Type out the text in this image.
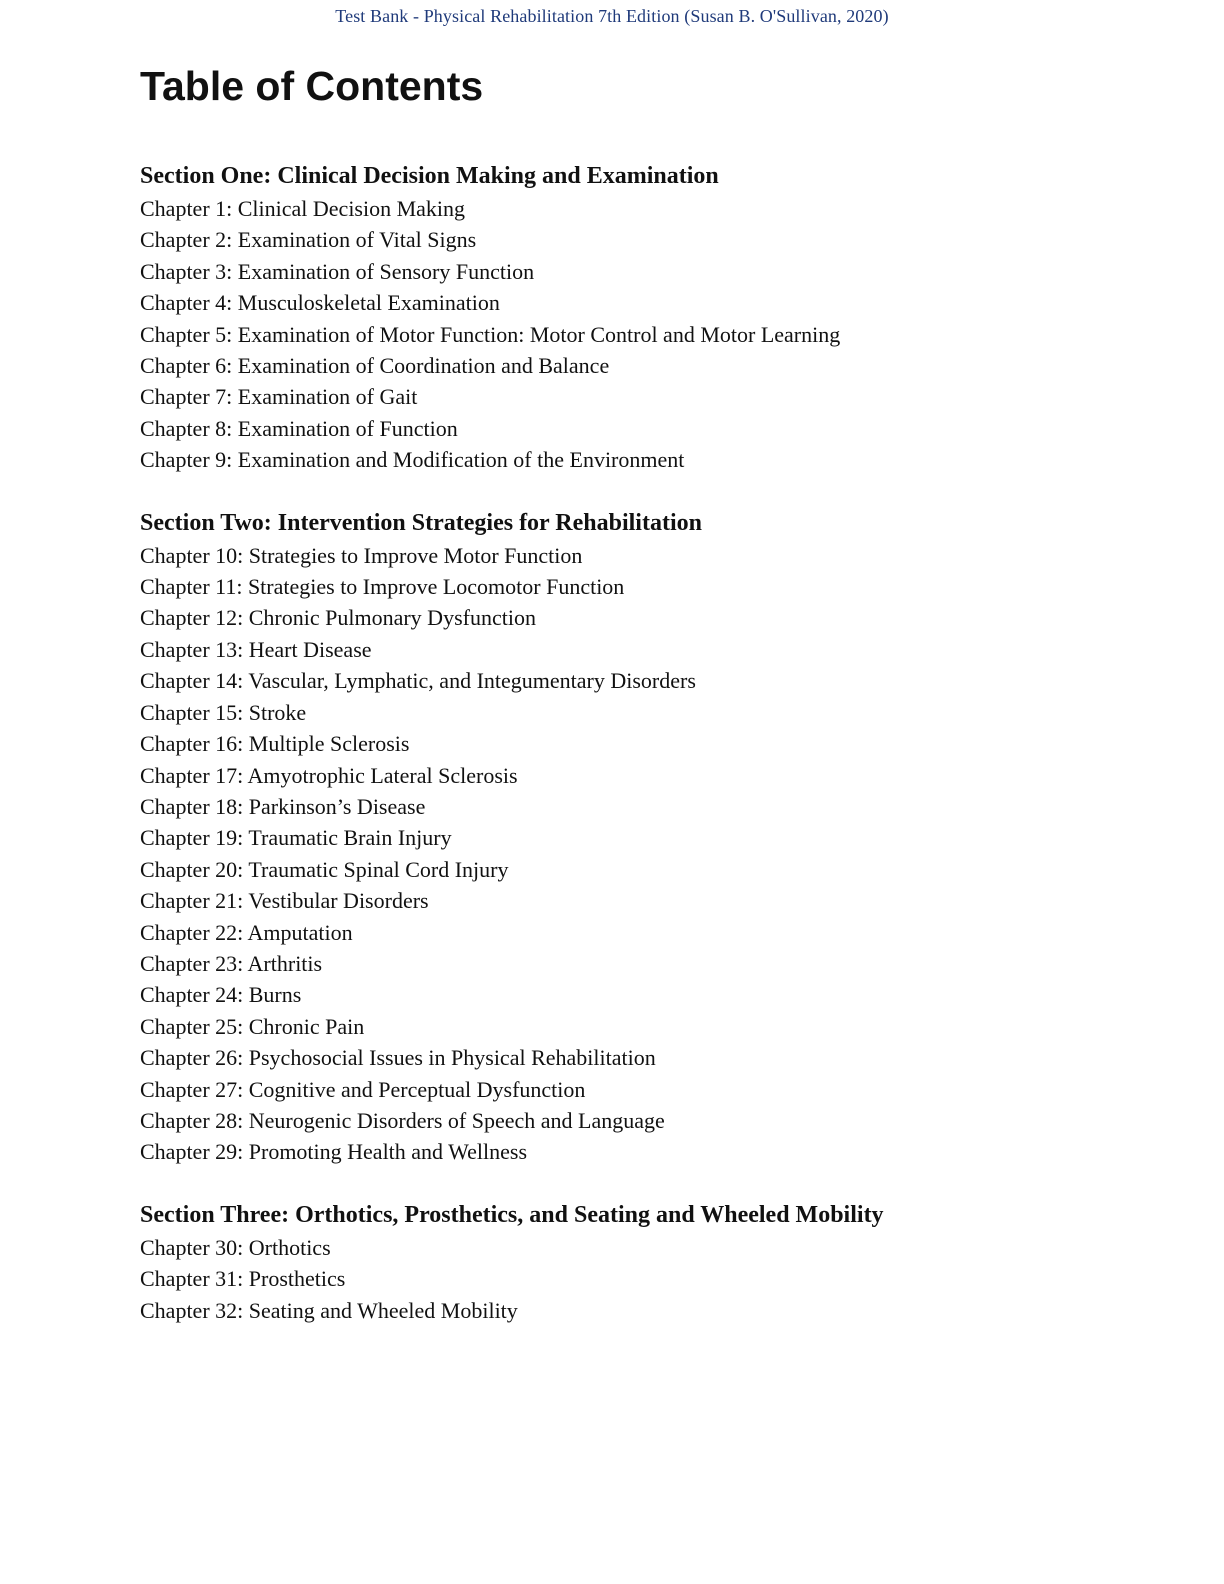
Test Bank - Physical Rehabilitation 7th Edition (Susan B. O'Sullivan, 2020)
Table of Contents
Section One: Clinical Decision Making and Examination
Chapter 1: Clinical Decision Making
Chapter 2: Examination of Vital Signs
Chapter 3: Examination of Sensory Function
Chapter 4: Musculoskeletal Examination
Chapter 5: Examination of Motor Function: Motor Control and Motor Learning
Chapter 6: Examination of Coordination and Balance
Chapter 7: Examination of Gait
Chapter 8: Examination of Function
Chapter 9: Examination and Modification of the Environment
Section Two: Intervention Strategies for Rehabilitation
Chapter 10: Strategies to Improve Motor Function
Chapter 11: Strategies to Improve Locomotor Function
Chapter 12: Chronic Pulmonary Dysfunction
Chapter 13: Heart Disease
Chapter 14: Vascular, Lymphatic, and Integumentary Disorders
Chapter 15: Stroke
Chapter 16: Multiple Sclerosis
Chapter 17: Amyotrophic Lateral Sclerosis
Chapter 18: Parkinson’s Disease
Chapter 19: Traumatic Brain Injury
Chapter 20: Traumatic Spinal Cord Injury
Chapter 21: Vestibular Disorders
Chapter 22: Amputation
Chapter 23: Arthritis
Chapter 24: Burns
Chapter 25: Chronic Pain
Chapter 26: Psychosocial Issues in Physical Rehabilitation
Chapter 27: Cognitive and Perceptual Dysfunction
Chapter 28: Neurogenic Disorders of Speech and Language
Chapter 29: Promoting Health and Wellness
Section Three: Orthotics, Prosthetics, and Seating and Wheeled Mobility
Chapter 30: Orthotics
Chapter 31: Prosthetics
Chapter 32: Seating and Wheeled Mobility
